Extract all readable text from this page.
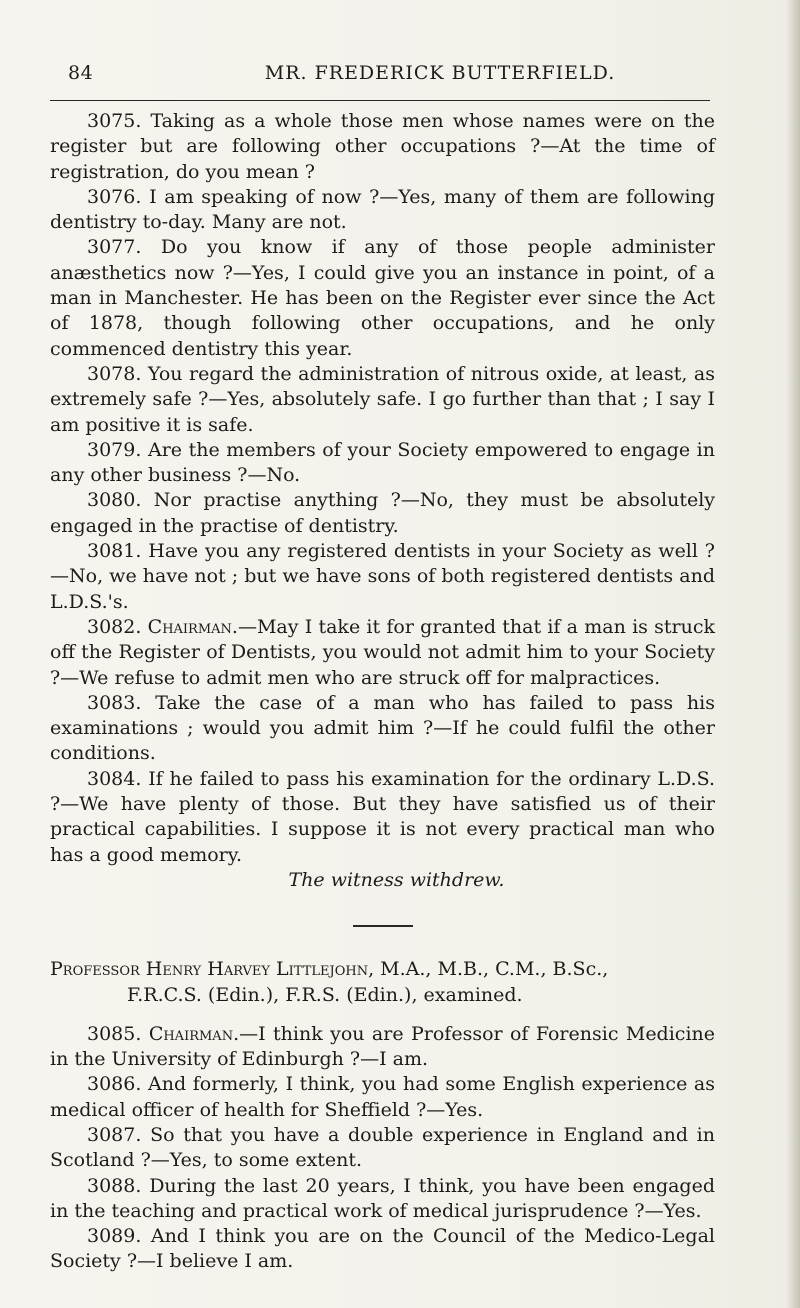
84	MR. FREDERICK BUTTERFIELD.

3075. Taking as a whole those men whose names were on the register but are following other occupations ?—At the time of registration, do you mean ?

3076. I am speaking of now ?—Yes, many of them are following dentistry to-day. Many are not.

3077. Do you know if any of those people administer anæsthetics now ?—Yes, I could give you an instance in point, of a man in Manchester. He has been on the Register ever since the Act of 1878, though following other occupations, and he only commenced dentistry this year.

3078. You regard the administration of nitrous oxide, at least, as extremely safe ?—Yes, absolutely safe. I go further than that ; I say I am positive it is safe.

3079. Are the members of your Society empowered to engage in any other business ?—No.

3080. Nor practise anything ?—No, they must be absolutely engaged in the practise of dentistry.

3081. Have you any registered dentists in your Society as well ?—No, we have not ; but we have sons of both registered dentists and L.D.S.'s.

3082. Chairman.—May I take it for granted that if a man is struck off the Register of Dentists, you would not admit him to your Society ?—We refuse to admit men who are struck off for malpractices.

3083. Take the case of a man who has failed to pass his examinations ; would you admit him ?—If he could fulfil the other conditions.

3084. If he failed to pass his examination for the ordinary L.D.S. ?—We have plenty of those. But they have satisfied us of their practical capabilities. I suppose it is not every practical man who has a good memory.

The witness withdrew.

Professor Henry Harvey Littlejohn, M.A., M.B., C.M., B.Sc.,
F.R.C.S. (Edin.), F.R.S. (Edin.), examined.

3085. Chairman.—I think you are Professor of Forensic Medicine in the University of Edinburgh ?—I am.

3086. And formerly, I think, you had some English experience as medical officer of health for Sheffield ?—Yes.

3087. So that you have a double experience in England and in Scotland ?—Yes, to some extent.

3088. During the last 20 years, I think, you have been engaged in the teaching and practical work of medical jurisprudence ?—Yes.

3089. And I think you are on the Council of the Medico-Legal Society ?—I believe I am.
